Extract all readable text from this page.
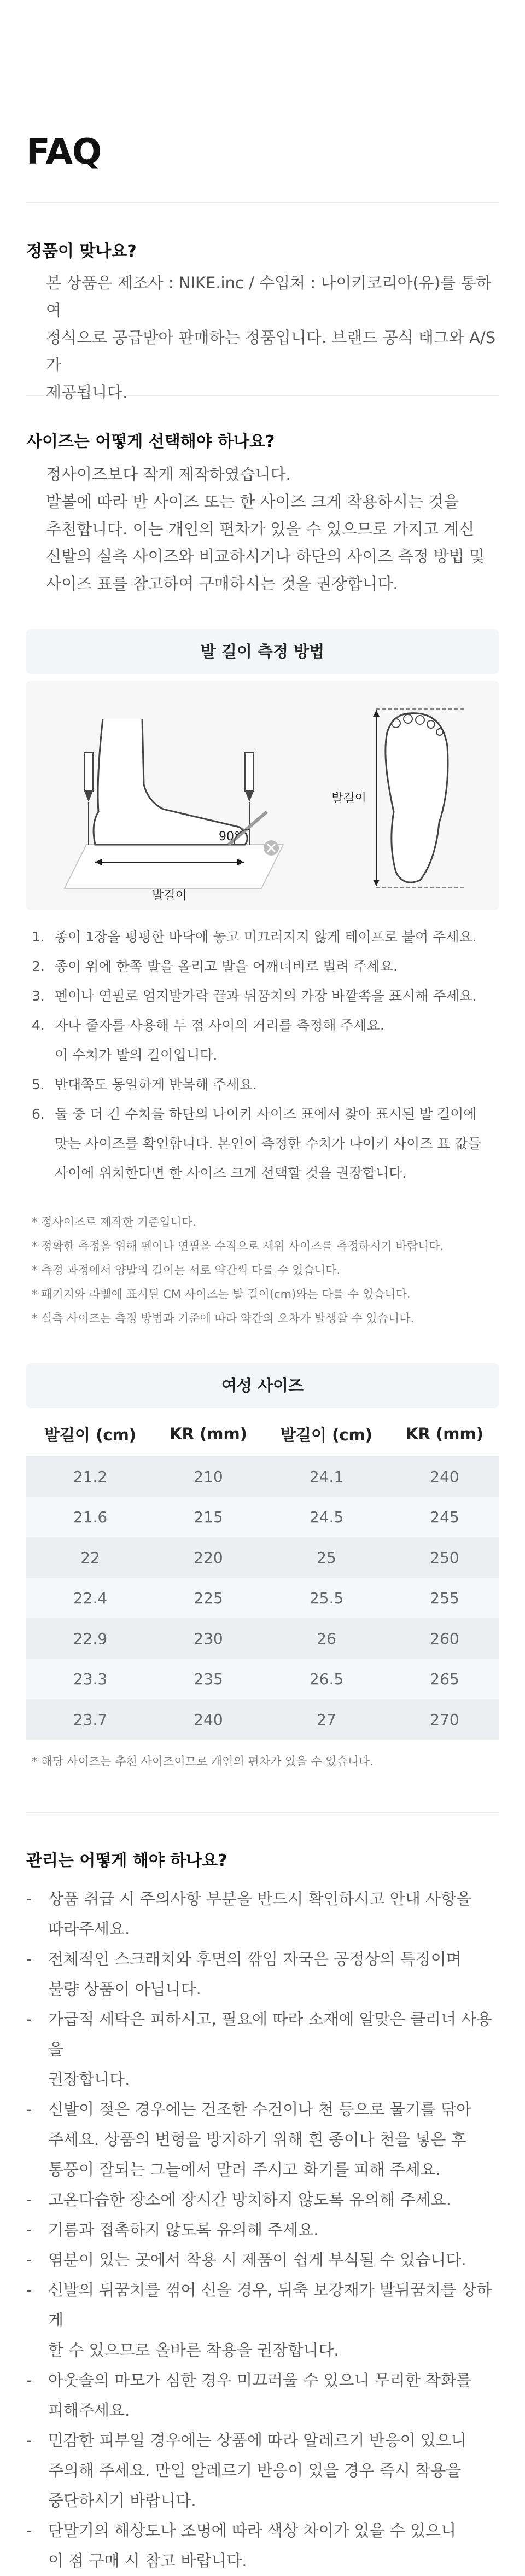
FAQ
정품이 맞나요?
본 상품은 제조사 : NIKE.inc / 수입처 : 나이키코리아(유)를 통하여
정식으로 공급받아 판매하는 정품입니다. 브랜드 공식 태그와 A/S가
제공됩니다.
사이즈는 어떻게 선택해야 하나요?
정사이즈보다 작게 제작하였습니다.
발볼에 따라 반 사이즈 또는 한 사이즈 크게 착용하시는 것을
추천합니다. 이는 개인의 편차가 있을 수 있으므로 가지고 계신
신발의 실측 사이즈와 비교하시거나 하단의 사이즈 측정 방법 및
사이즈 표를 참고하여 구매하시는 것을 권장합니다.
발 길이 측정 방법
90°
발길이
발길이
1. 종이 1장을 평평한 바닥에 놓고 미끄러지지 않게 테이프로 붙여 주세요.
2. 종이 위에 한쪽 발을 올리고 발을 어깨너비로 벌려 주세요.
3. 펜이나 연필로 엄지발가락 끝과 뒤꿈치의 가장 바깥쪽을 표시해 주세요.
4. 자나 줄자를 사용해 두 점 사이의 거리를 측정해 주세요.
이 수치가 발의 길이입니다.
5. 반대쪽도 동일하게 반복해 주세요.
6. 둘 중 더 긴 수치를 하단의 나이키 사이즈 표에서 찾아 표시된 발 길이에
맞는 사이즈를 확인합니다. 본인이 측정한 수치가 나이키 사이즈 표 값들
사이에 위치한다면 한 사이즈 크게 선택할 것을 권장합니다.
* 정사이즈로 제작한 기준입니다.
* 정확한 측정을 위해 펜이나 연필을 수직으로 세워 사이즈를 측정하시기 바랍니다.
* 측정 과정에서 양발의 길이는 서로 약간씩 다를 수 있습니다.
* 패키지와 라벨에 표시된 CM 사이즈는 발 길이(cm)와는 다를 수 있습니다.
* 실측 사이즈는 측정 방법과 기준에 따라 약간의 오차가 발생할 수 있습니다.
여성 사이즈
발길이 (cm)	KR (mm)	발길이 (cm)	KR (mm)
21.2	210	24.1	240
21.6	215	24.5	245
22	220	25	250
22.4	225	25.5	255
22.9	230	26	260
23.3	235	26.5	265
23.7	240	27	270
* 해당 사이즈는 추천 사이즈이므로 개인의 편차가 있을 수 있습니다.
관리는 어떻게 해야 하나요?
-	상품 취급 시 주의사항 부분을 반드시 확인하시고 안내 사항을
따라주세요.
-	전체적인 스크래치와 후면의 깎임 자국은 공정상의 특징이며
불량 상품이 아닙니다.
-	가급적 세탁은 피하시고, 필요에 따라 소재에 알맞은 클리너 사용을
권장합니다.
-	신발이 젖은 경우에는 건조한 수건이나 천 등으로 물기를 닦아
주세요. 상품의 변형을 방지하기 위해 흰 종이나 천을 넣은 후
통풍이 잘되는 그늘에서 말려 주시고 화기를 피해 주세요.
-	고온다습한 장소에 장시간 방치하지 않도록 유의해 주세요.
-	기름과 접촉하지 않도록 유의해 주세요.
-	염분이 있는 곳에서 착용 시 제품이 쉽게 부식될 수 있습니다.
-	신발의 뒤꿈치를 꺾어 신을 경우, 뒤축 보강재가 발뒤꿈치를 상하게
할 수 있으므로 올바른 착용을 권장합니다.
-	아웃솔의 마모가 심한 경우 미끄러울 수 있으니 무리한 착화를
피해주세요.
-	민감한 피부일 경우에는 상품에 따라 알레르기 반응이 있으니
주의해 주세요. 만일 알레르기 반응이 있을 경우 즉시 착용을
중단하시기 바랍니다.
-	단말기의 해상도나 조명에 따라 색상 차이가 있을 수 있으니
이 점 구매 시 참고 바랍니다.
